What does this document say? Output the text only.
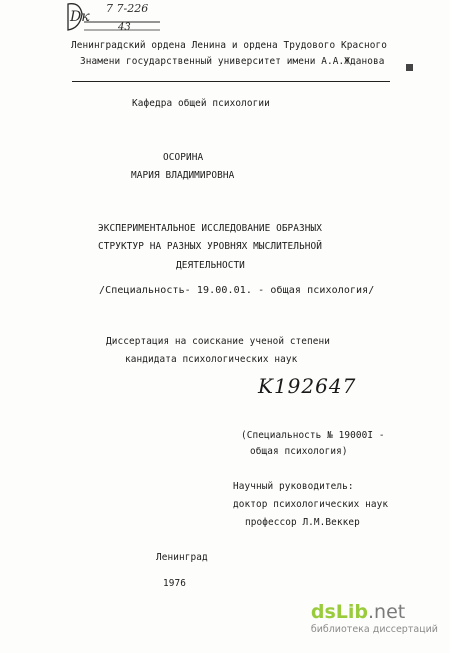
Dк
7 7-226
43
Ленинградский ордена Ленина и ордена Трудового Красного
Знамени государственный университет имени А.А.Жданова
Кафедра общей психологии
ОСОРИНА
МАРИЯ ВЛАДИМИРОВНА
ЭКСПЕРИМЕНТАЛЬНОЕ ИССЛЕДОВАНИЕ ОБРАЗНЫХ
СТРУКТУР НА РАЗНЫХ УРОВНЯХ МЫСЛИТЕЛЬНОЙ
ДЕЯТЕЛЬНОСТИ
/Специальность- 19.00.01. - общая психология/
Диссертация на соискание ученой степени
кандидата психологических наук
K192647
(Специальность № 19000I -
общая психология)
Научный руководитель:
доктор психологических наук
профессор Л.М.Веккер
Ленинград
1976
dsLib.net
библиотека диссертаций
